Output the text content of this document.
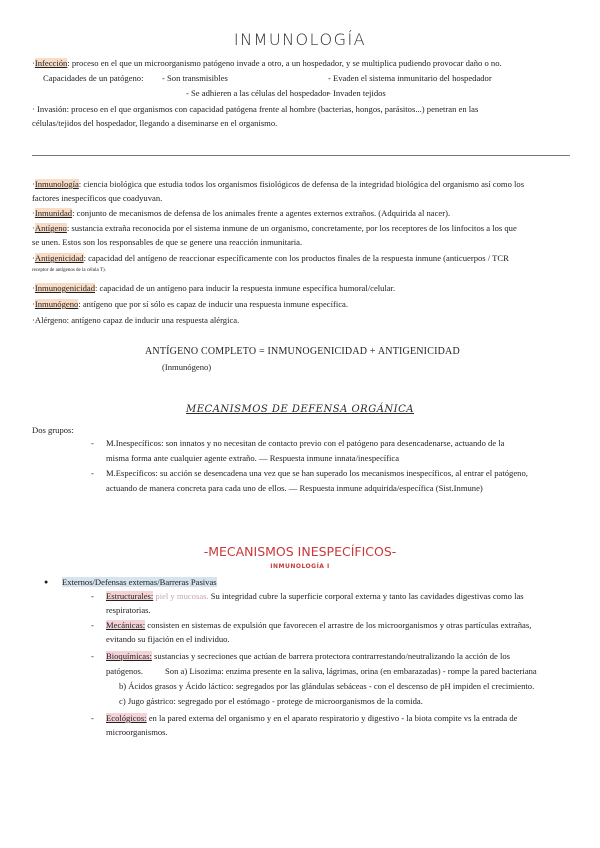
INMUNOLOGÍA
·Infección: proceso en el que un microorganismo patógeno invade a otro, a un hospedador, y se multiplica pudiendo provocar daño o no.
Capacidades de un patógeno: - Son transmisibles	- Evaden el sistema inmunitario del hospedador
- Se adhieren a las células del hospedador
- Invaden tejidos
· Invasión: proceso en el que organismos con capacidad patógena frente al hombre (bacterias, hongos, parásitos...) penetran en las
células/tejidos del hospedador, llegando a diseminarse en el organismo.
·Inmunología: ciencia biológica que estudia todos los organismos fisiológicos de defensa de la integridad biológica del organismo así como los
factores inespecíficos que coadyuvan.
·Inmunidad: conjunto de mecanismos de defensa de los animales frente a agentes externos extraños. (Adquirida al nacer).
·Antígeno: sustancia extraña reconocida por el sistema inmune de un organismo, concretamente, por los receptores de los linfocitos a los que
se unen. Estos son los responsables de que se genere una reacción inmunitaria.
·Antigenicidad: capacidad del antígeno de reaccionar específicamente con los productos finales de la respuesta inmune (anticuerpos / TCR
receptor de antígenos de la célula T).
·Inmunogenicidad: capacidad de un antígeno para inducir la respuesta inmune específica humoral/celular.
·Inmunógeno: antígeno que por sí sólo es capaz de inducir una respuesta inmune específica.
·Alérgeno: antígeno capaz de inducir una respuesta alérgica.
ANTÍGENO COMPLETO = INMUNOGENICIDAD + ANTIGENICIDAD
(Inmunógeno)
MECANISMOS DE DEFENSA ORGÁNICA
Dos grupos:
- M.Inespecíficos: son innatos y no necesitan de contacto previo con el patógeno para desencadenarse, actuando de la
misma forma ante cualquier agente extraño. — Respuesta inmune innata/inespecífica
- M.Específicos: su acción se desencadena una vez que se han superado los mecanismos inespecíficos, al entrar el patógeno,
actuando de manera concreta para cada uno de ellos. — Respuesta inmune adquirida/específica (Sist.Inmune)
-MECANISMOS INESPECÍFICOS-
INMUNOLOGÍA I
● Externos/Defensas externas/Barreras Pasivas
- Estructurales: piel y mucosas. Su integridad cubre la superficie corporal externa y tanto las cavidades digestivas como las
respiratorias.
- Mecánicas: consisten en sistemas de expulsión que favorecen el arrastre de los microorganismos y otras partículas extrañas,
evitando su fijación en el individuo.
- Bioquímicas: sustancias y secreciones que actúan de barrera protectora contrarrestando/neutralizando la acción de los
patógenos.	Son a) Lisozima: enzima presente en la saliva, lágrimas, orina (en embarazadas) - rompe la pared bacteriana
b) Ácidos grasos y Ácido láctico: segregados por las glándulas sebáceas - con el descenso de pH impiden el crecimiento.
c) Jugo gástrico: segregado por el estómago - protege de microorganismos de la comida.
- Ecológicos: en la pared externa del organismo y en el aparato respiratorio y digestivo - la biota compite vs la entrada de
microorganismos.
